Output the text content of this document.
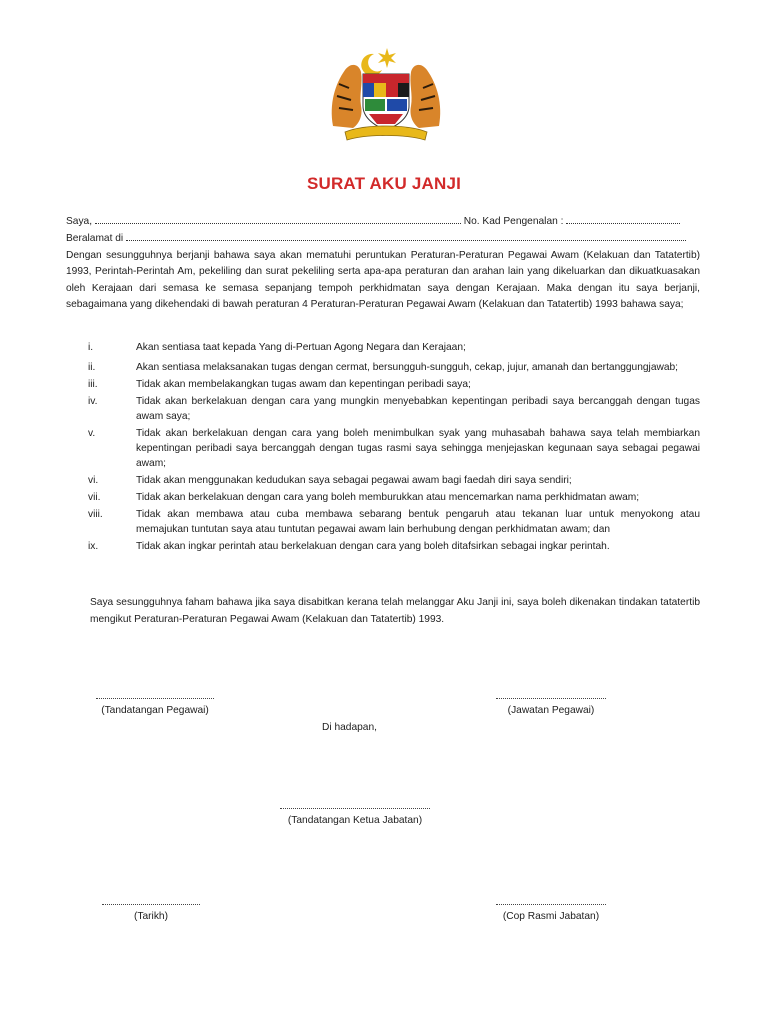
SURAT AKU JANJI
Saya,	No. Kad Pengenalan :
Beralamat di
Dengan sesungguhnya berjanji bahawa saya akan mematuhi peruntukan Peraturan-Peraturan Pegawai Awam (Kelakuan dan Tatatertib) 1993, Perintah-Perintah Am, pekeliling dan surat pekeliling serta apa-apa peraturan dan arahan lain yang dikeluarkan dan dikuatkuasakan oleh Kerajaan dari semasa ke semasa sepanjang tempoh perkhidmatan saya dengan Kerajaan. Maka dengan itu saya berjanji, sebagaimana yang dikehendaki di bawah peraturan 4 Peraturan-Peraturan Pegawai Awam (Kelakuan dan Tatatertib) 1993 bahawa saya;
i.	Akan sentiasa taat kepada Yang di-Pertuan Agong Negara dan Kerajaan;
ii.	Akan sentiasa melaksanakan tugas dengan cermat, bersungguh-sungguh, cekap, jujur, amanah dan bertanggungjawab;
iii.	Tidak akan membelakangkan tugas awam dan kepentingan peribadi saya;
iv.	Tidak akan berkelakuan dengan cara yang mungkin menyebabkan kepentingan peribadi saya bercanggah dengan tugas awam saya;
v.	Tidak akan berkelakuan dengan cara yang boleh menimbulkan syak yang muhasabah bahawa saya telah membiarkan kepentingan peribadi saya bercanggah dengan tugas rasmi saya sehingga menjejaskan kegunaan saya sebagai pegawai awam;
vi.	Tidak akan menggunakan kedudukan saya sebagai pegawai awam bagi faedah diri saya sendiri;
vii.	Tidak akan berkelakuan dengan cara yang boleh memburukkan atau mencemarkan nama perkhidmatan awam;
viii.	Tidak akan membawa atau cuba membawa sebarang bentuk pengaruh atau tekanan luar untuk menyokong atau memajukan tuntutan saya atau tuntutan pegawai awam lain berhubung dengan perkhidmatan awam; dan
ix.	Tidak akan ingkar perintah atau berkelakuan dengan cara yang boleh ditafsirkan sebagai ingkar perintah.
Saya sesungguhnya faham bahawa jika saya disabitkan kerana telah melanggar Aku Janji ini, saya boleh dikenakan tindakan tatatertib mengikut Peraturan-Peraturan Pegawai Awam (Kelakuan dan Tatatertib) 1993.
(Tandatangan Pegawai)	(Jawatan Pegawai)
Di hadapan,
(Tandatangan Ketua Jabatan)
(Tarikh)	(Cop Rasmi Jabatan)
